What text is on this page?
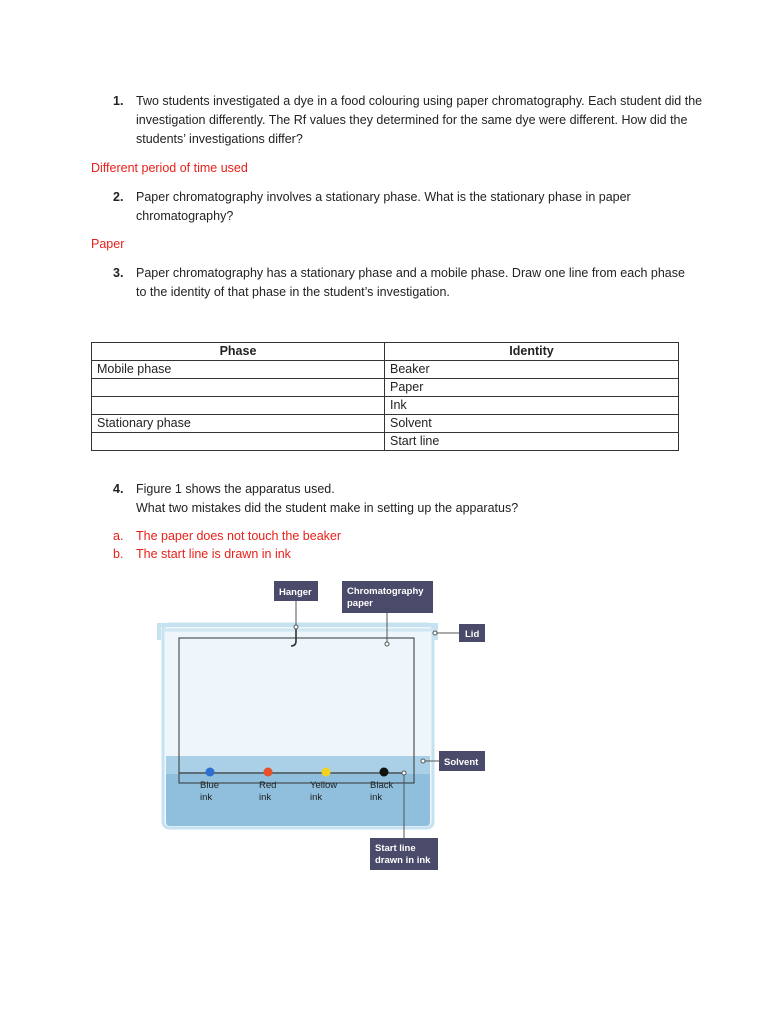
1. Two students investigated a dye in a food colouring using paper chromatography. Each student did the investigation differently. The Rf values they determined for the same dye were different. How did the students’ investigations differ?
Different period of time used
2. Paper chromatography involves a stationary phase. What is the stationary phase in paper chromatography?
Paper
3. Paper chromatography has a stationary phase and a mobile phase. Draw one line from each phase to the identity of that phase in the student’s investigation.
Phase	Identity
Mobile phase	Beaker
	Paper
	Ink
Stationary phase	Solvent
	Start line
4. Figure 1 shows the apparatus used.
What two mistakes did the student make in setting up the apparatus?
a. The paper does not touch the beaker
b. The start line is drawn in ink
Blue ink
Red ink
Yellow ink
Black ink
Hanger	Chromatography paper
Lid
Solvent
Start line drawn in ink
